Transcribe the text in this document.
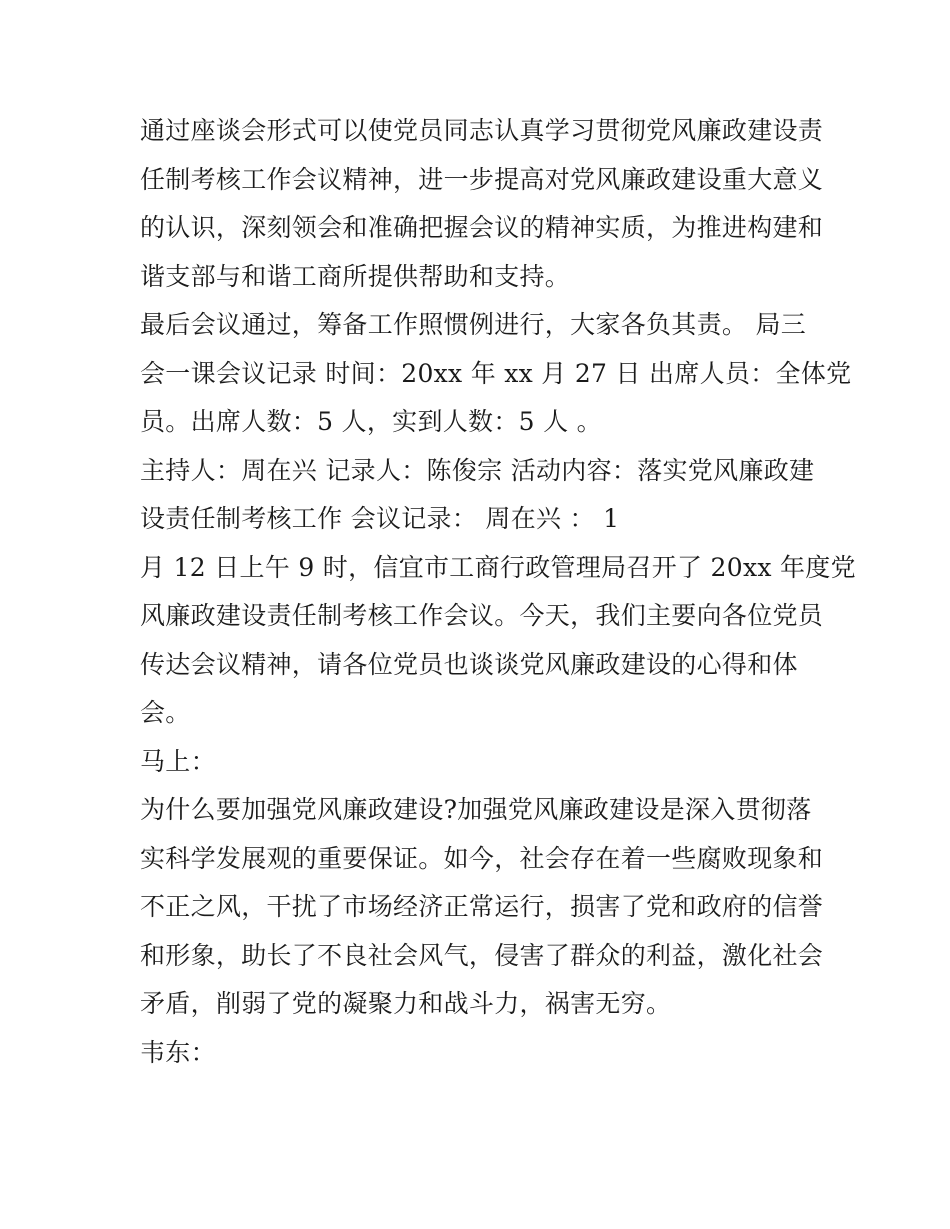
通过座谈会形式可以使党员同志认真学习贯彻党风廉政建设责
任制考核工作会议精神，进一步提高对党风廉政建设重大意义
的认识，深刻领会和准确把握会议的精神实质，为推进构建和
谐支部与和谐工商所提供帮助和支持。

最后会议通过，筹备工作照惯例进行，大家各负其责。 局三
会一课会议记录 时间：20xx 年 xx 月 27 日 出席人员：全体党
员。出席人数：5 人，实到人数：5 人 。

主持人：周在兴 记录人：陈俊宗 活动内容：落实党风廉政建
设责任制考核工作 会议记录： 周在兴 ： 1

月 12 日上午 9 时，信宜市工商行政管理局召开了 20xx 年度党
风廉政建设责任制考核工作会议。今天，我们主要向各位党员
传达会议精神，请各位党员也谈谈党风廉政建设的心得和体
会。

马上：

为什么要加强党风廉政建设?加强党风廉政建设是深入贯彻落
实科学发展观的重要保证。如今，社会存在着一些腐败现象和
不正之风，干扰了市场经济正常运行，损害了党和政府的信誉
和形象，助长了不良社会风气，侵害了群众的利益，激化社会
矛盾，削弱了党的凝聚力和战斗力，祸害无穷。

韦东：
